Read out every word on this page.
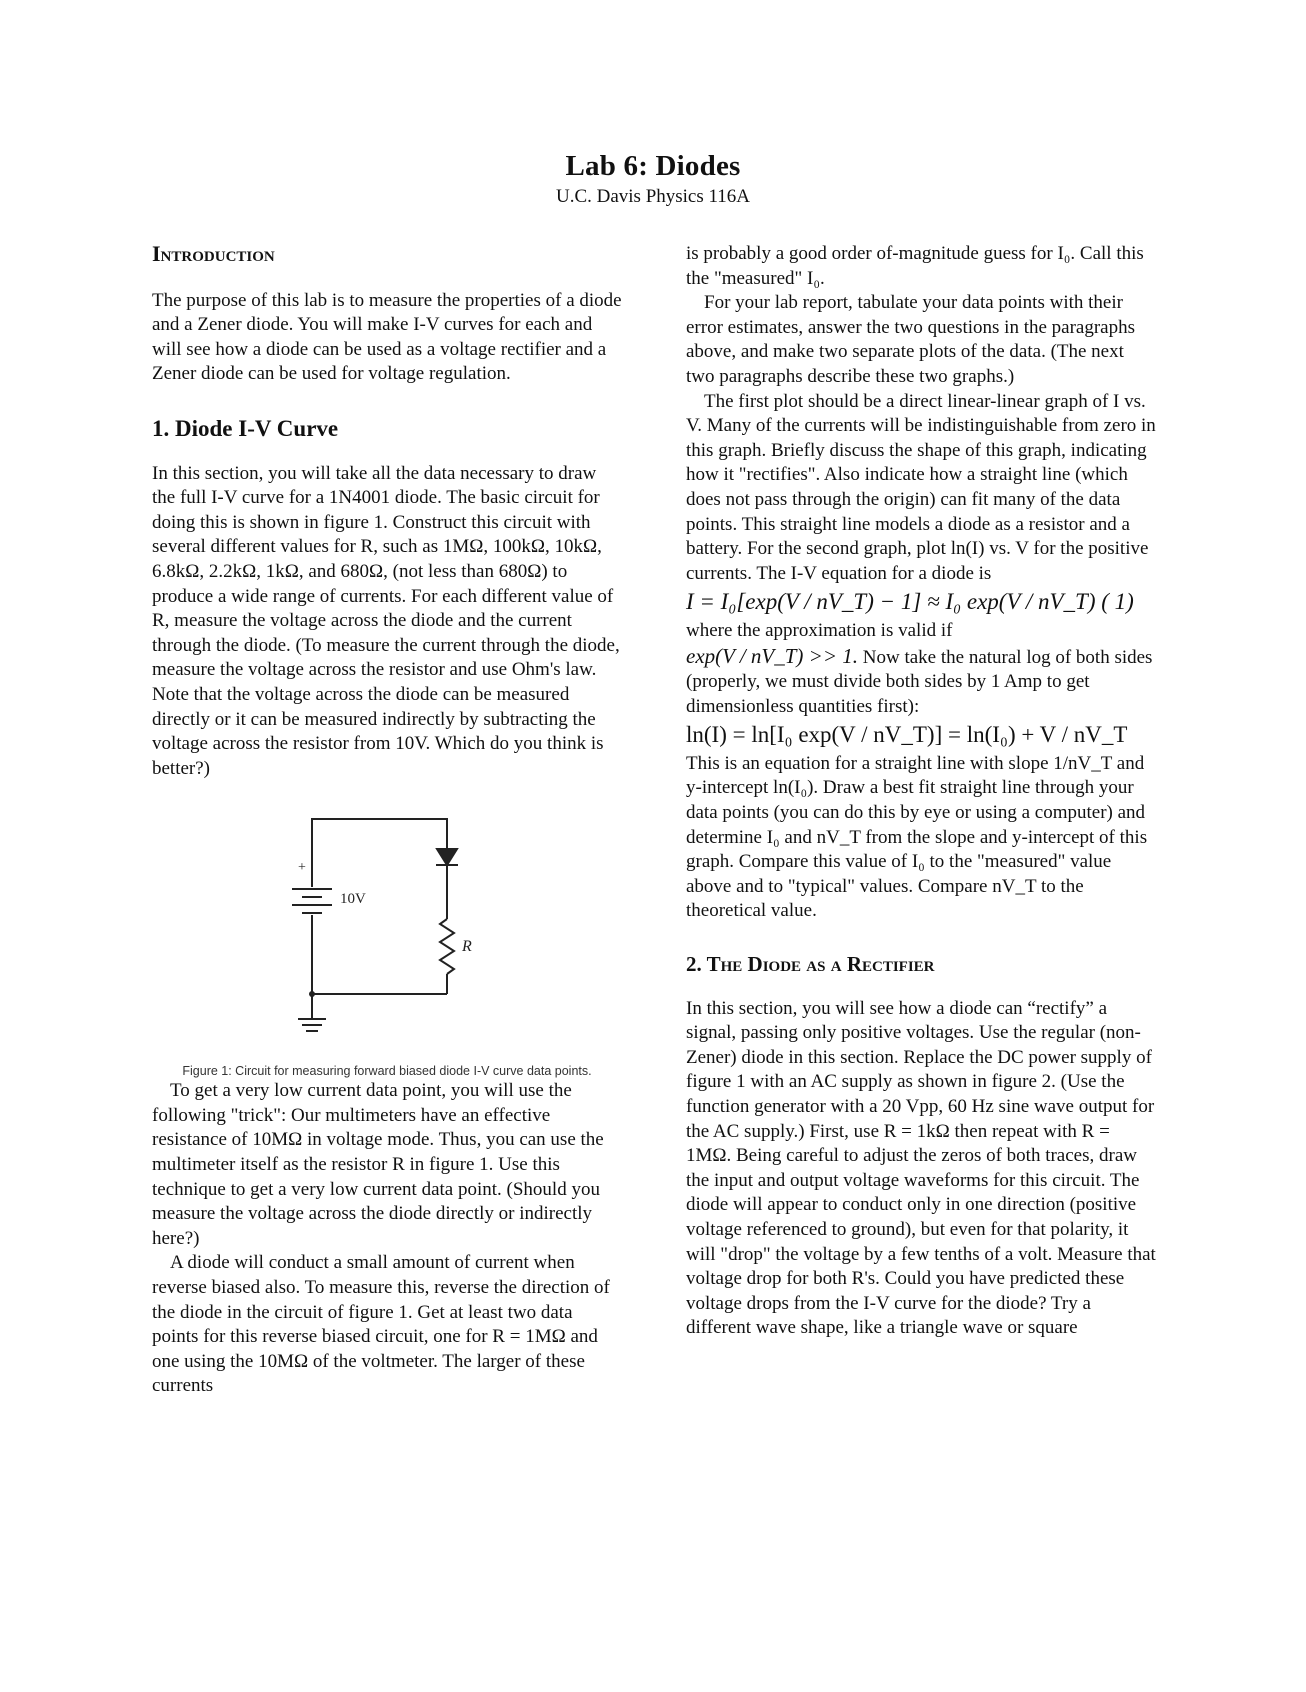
Lab 6: Diodes
U.C. Davis Physics 116A
Introduction

The purpose of this lab is to measure the properties of a diode and a Zener diode. You will make I-V curves for each and will see how a diode can be used as a voltage rectifier and a Zener diode can be used for voltage regulation.

1. Diode I-V Curve

In this section, you will take all the data necessary to draw the full I-V curve for a 1N4001 diode. The basic circuit for doing this is shown in figure 1. Construct this circuit with several different values for R, such as 1MΩ, 100kΩ, 10kΩ, 6.8kΩ, 2.2kΩ, 1kΩ, and 680Ω, (not less than 680Ω) to produce a wide range of currents. For each different value of R, measure the voltage across the diode and the current through the diode. (To measure the current through the diode, measure the voltage across the resistor and use Ohm's law. Note that the voltage across the diode can be measured directly or it can be measured indirectly by subtracting the voltage across the resistor from 10V. Which do you think is better?)

+
10V
R
Figure 1: Circuit for measuring forward biased diode I-V curve data points.

To get a very low current data point, you will use the following "trick": Our multimeters have an effective resistance of 10MΩ in voltage mode. Thus, you can use the multimeter itself as the resistor R in figure 1. Use this technique to get a very low current data point. (Should you measure the voltage across the diode directly or indirectly here?)

A diode will conduct a small amount of current when reverse biased also. To measure this, reverse the direction of the diode in the circuit of figure 1. Get at least two data points for this reverse biased circuit, one for R = 1MΩ and one using the 10MΩ of the voltmeter. The larger of these currents

is probably a good order of-magnitude guess for I₀. Call this the "measured" I₀.

For your lab report, tabulate your data points with their error estimates, answer the two questions in the paragraphs above, and make two separate plots of the data. (The next two paragraphs describe these two graphs.)

The first plot should be a direct linear-linear graph of I vs. V. Many of the currents will be indistinguishable from zero in this graph. Briefly discuss the shape of this graph, indicating how it "rectifies". Also indicate how a straight line (which does not pass through the origin) can fit many of the data points. This straight line models a diode as a resistor and a battery. For the second graph, plot ln(I) vs. V for the positive currents. The I-V equation for a diode is

I = I₀[exp(V / nV_T) − 1] ≈ I₀ exp(V / nV_T) ( 1)

where the approximation is valid if

exp(V / nV_T) >> 1. Now take the natural log of both sides (properly, we must divide both sides by 1 Amp to get dimensionless quantities first):

ln(I) = ln[I₀ exp(V / nV_T)] = ln(I₀) + V / nV_T

This is an equation for a straight line with slope 1/nV_T and y-intercept ln(I₀). Draw a best fit straight line through your data points (you can do this by eye or using a computer) and determine I₀ and nV_T from the slope and y-intercept of this graph. Compare this value of I₀ to the "measured" value above and to "typical" values. Compare nV_T to the theoretical value.

2. The Diode as a Rectifier

In this section, you will see how a diode can “rectify” a signal, passing only positive voltages. Use the regular (non-Zener) diode in this section. Replace the DC power supply of figure 1 with an AC supply as shown in figure 2. (Use the function generator with a 20 Vpp, 60 Hz sine wave output for the AC supply.) First, use R = 1kΩ then repeat with R = 1MΩ. Being careful to adjust the zeros of both traces, draw the input and output voltage waveforms for this circuit. The diode will appear to conduct only in one direction (positive voltage referenced to ground), but even for that polarity, it will "drop" the voltage by a few tenths of a volt. Measure that voltage drop for both R's. Could you have predicted these voltage drops from the I-V curve for the diode? Try a different wave shape, like a triangle wave or square
